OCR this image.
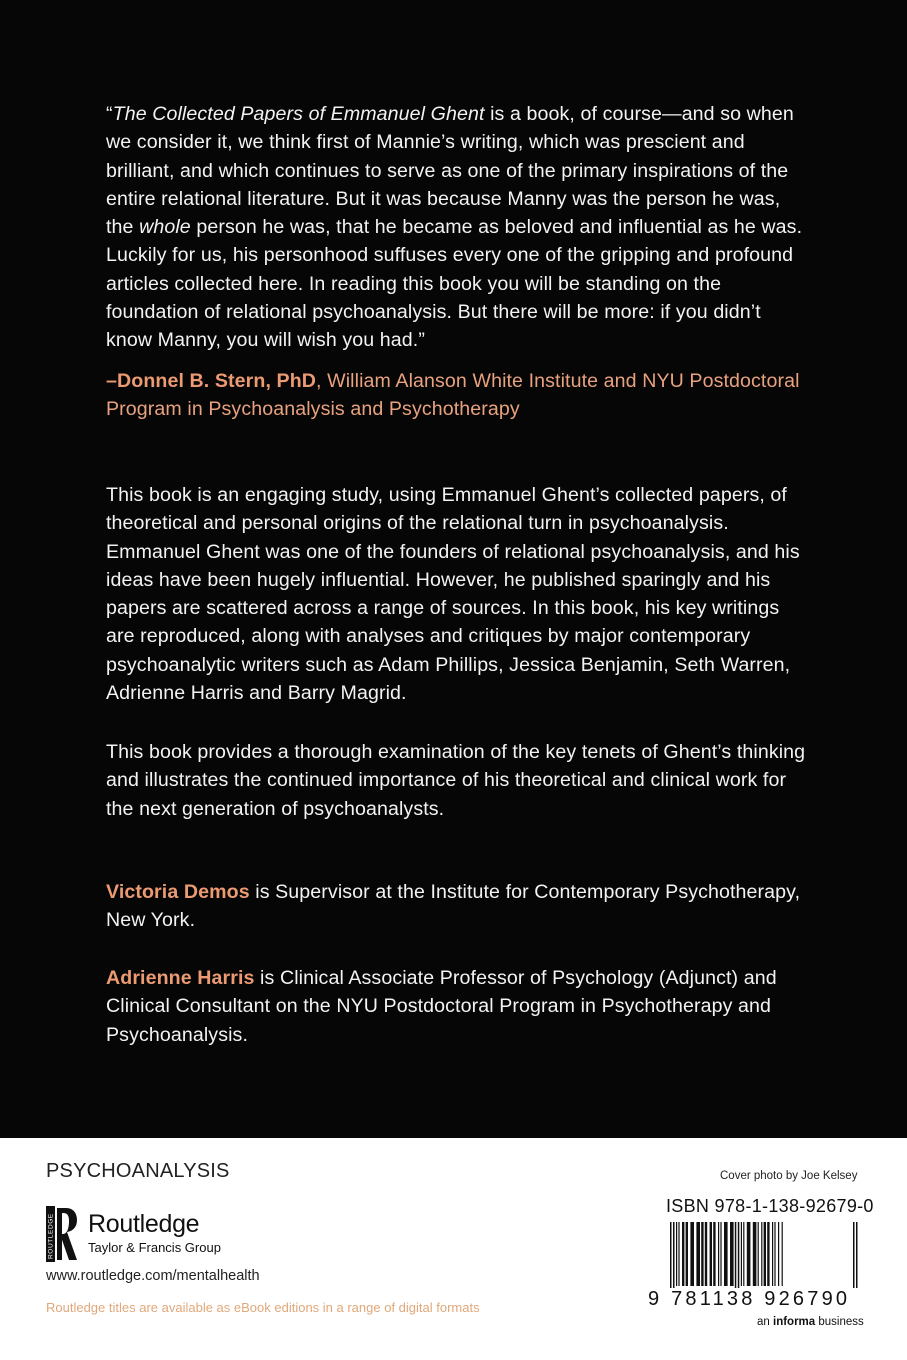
“The Collected Papers of Emmanuel Ghent is a book, of course—and so when we consider it, we think first of Mannie’s writing, which was prescient and brilliant, and which continues to serve as one of the primary inspirations of the entire relational literature. But it was because Manny was the person he was, the whole person he was, that he became as beloved and influential as he was. Luckily for us, his personhood suffuses every one of the gripping and profound articles collected here. In reading this book you will be standing on the foundation of relational psychoanalysis. But there will be more: if you didn’t know Manny, you will wish you had.”

–Donnel B. Stern, PhD, William Alanson White Institute and NYU Postdoctoral Program in Psychoanalysis and Psychotherapy

This book is an engaging study, using Emmanuel Ghent’s collected papers, of theoretical and personal origins of the relational turn in psychoanalysis. Emmanuel Ghent was one of the founders of relational psychoanalysis, and his ideas have been hugely influential. However, he published sparingly and his papers are scattered across a range of sources. In this book, his key writings are reproduced, along with analyses and critiques by major contemporary psychoanalytic writers such as Adam Phillips, Jessica Benjamin, Seth Warren, Adrienne Harris and Barry Magrid.

This book provides a thorough examination of the key tenets of Ghent’s thinking and illustrates the continued importance of his theoretical and clinical work for the next generation of psychoanalysts.

Victoria Demos is Supervisor at the Institute for Contemporary Psychotherapy, New York.

Adrienne Harris is Clinical Associate Professor of Psychology (Adjunct) and Clinical Consultant on the NYU Postdoctoral Program in Psychotherapy and Psychoanalysis.

PSYCHOANALYSIS
ROUTLEDGE Routledge
Taylor & Francis Group
www.routledge.com/mentalhealth
Routledge titles are available as eBook editions in a range of digital formats
Cover photo by Joe Kelsey
ISBN 978-1-138-92679-0
9 781138 926790
an informa business
